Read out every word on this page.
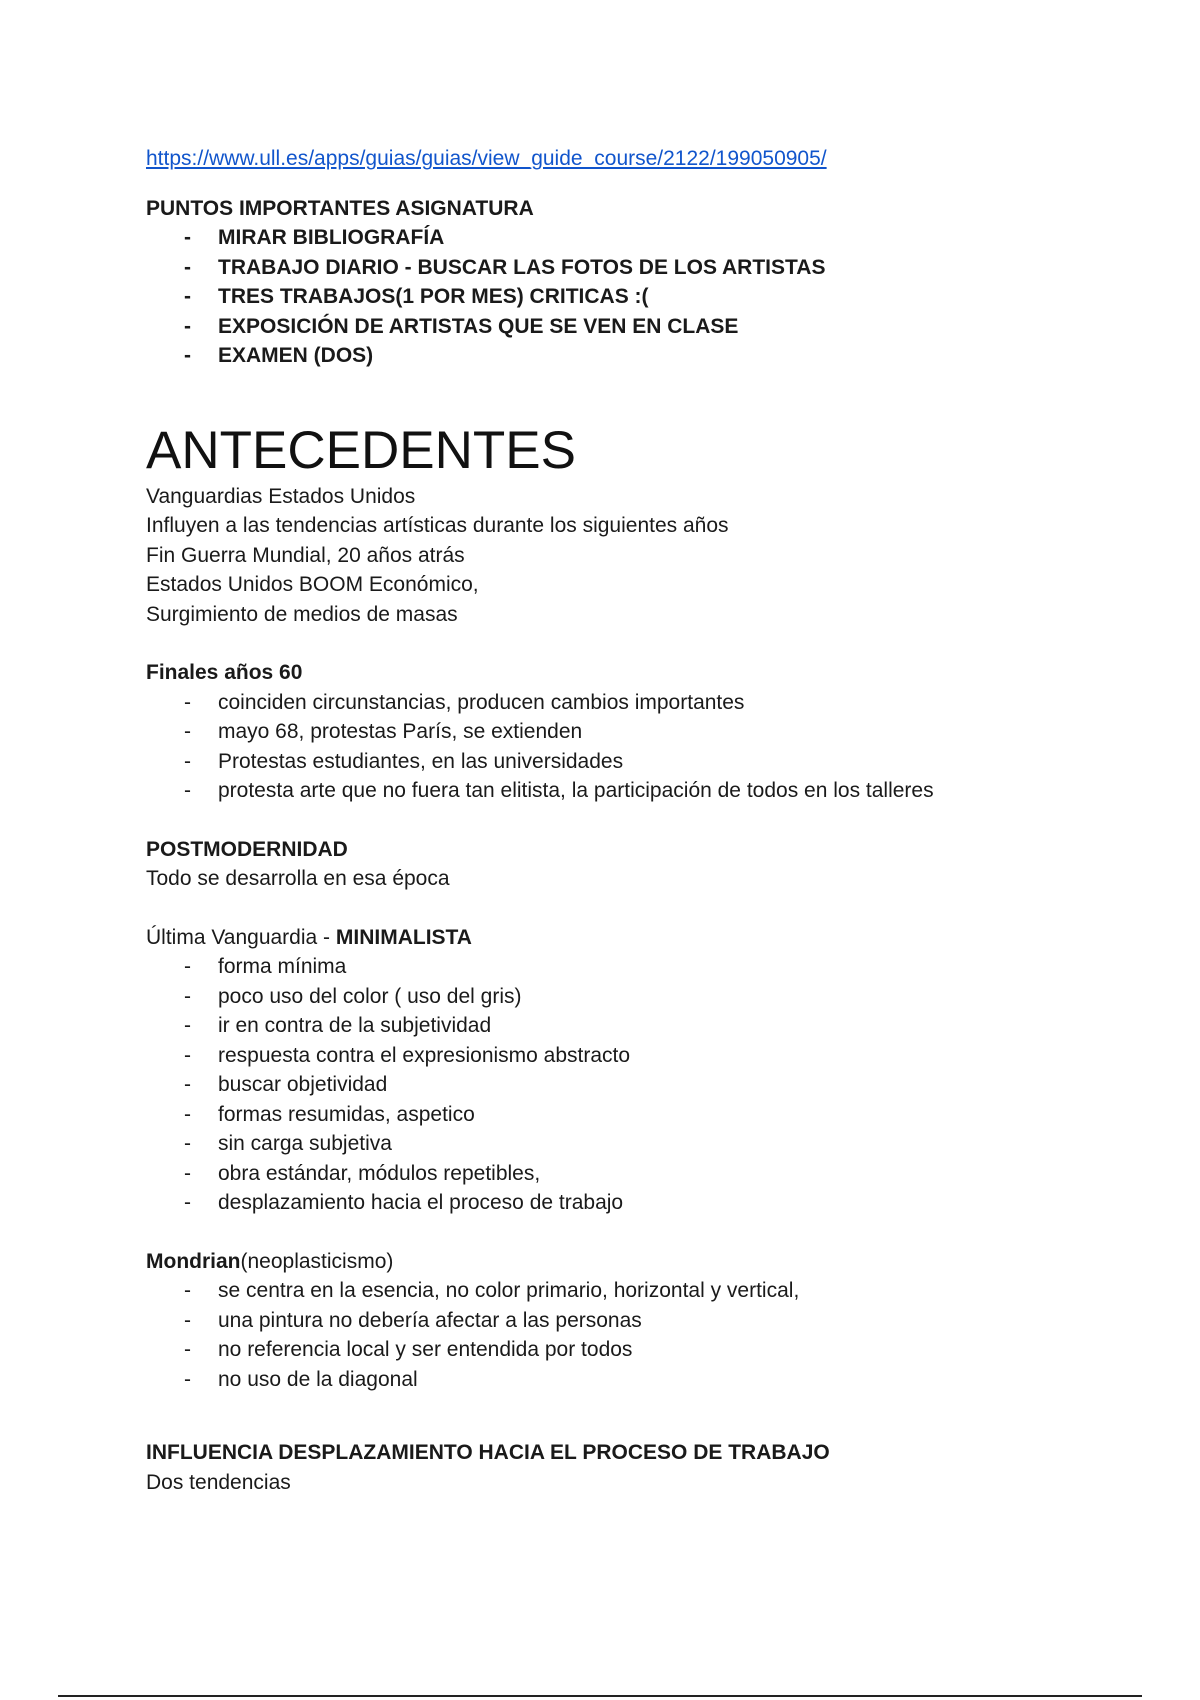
https://www.ull.es/apps/guias/guias/view_guide_course/2122/199050905/
PUNTOS IMPORTANTES ASIGNATURA
- MIRAR BIBLIOGRAFÍA
- TRABAJO DIARIO - BUSCAR LAS FOTOS DE LOS ARTISTAS
- TRES TRABAJOS(1 POR MES) CRITICAS :(
- EXPOSICIÓN DE ARTISTAS QUE SE VEN EN CLASE
- EXAMEN (DOS)
ANTECEDENTES
Vanguardias Estados Unidos
Influyen a las tendencias artísticas durante los siguientes años
Fin Guerra Mundial, 20 años atrás
Estados Unidos BOOM Económico,
Surgimiento de medios de masas
Finales años 60
- coinciden circunstancias, producen cambios importantes
- mayo 68, protestas París, se extienden
- Protestas estudiantes, en las universidades
- protesta arte que no fuera tan elitista, la participación de todos en los talleres
POSTMODERNIDAD
Todo se desarrolla en esa época
Última Vanguardia - MINIMALISTA
- forma mínima
- poco uso del color ( uso del gris)
- ir en contra de la subjetividad
- respuesta contra el expresionismo abstracto
- buscar objetividad
- formas resumidas, aspetico
- sin carga subjetiva
- obra estándar, módulos repetibles,
- desplazamiento hacia el proceso de trabajo
Mondrian(neoplasticismo)
- se centra en la esencia, no color primario, horizontal y vertical,
- una pintura no debería afectar a las personas
- no referencia local y ser entendida por todos
- no uso de la diagonal
INFLUENCIA DESPLAZAMIENTO HACIA EL PROCESO DE TRABAJO
Dos tendencias
